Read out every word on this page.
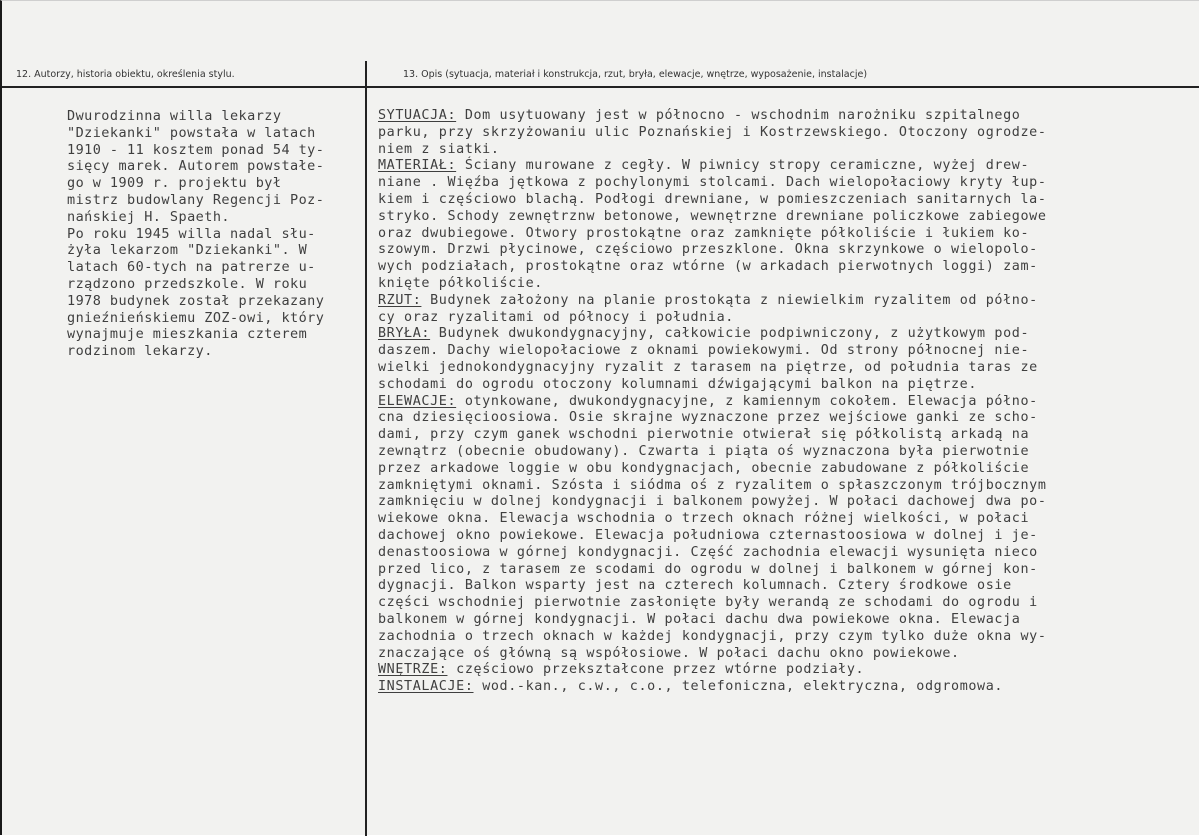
12. Autorzy, historia obiektu, określenia stylu.	13. Opis (sytuacja, materiał i konstrukcja, rzut, bryła, elewacje, wnętrze, wyposażenie, instalacje)
Dwurodzinna willa lekarzy
"Dziekanki" powstała w latach
1910 - 11 kosztem ponad 54 ty-
sięcy marek. Autorem powstałe-
go w 1909 r. projektu był
mistrz budowlany Regencji Poz-
nańskiej H. Spaeth.
Po roku 1945 willa nadal słu-
żyła lekarzom "Dziekanki". W
latach 60-tych na patrerze u-
rządzono przedszkole. W roku
1978 budynek został przekazany
gnieźnieńskiemu ZOZ-owi, który
wynajmuje mieszkania czterem
rodzinom lekarzy.
SYTUACJA: Dom usytuowany jest w północno - wschodnim narożniku szpitalnego
parku, przy skrzyżowaniu ulic Poznańskiej i Kostrzewskiego. Otoczony ogrodze-
niem z siatki.
MATERIAŁ: Ściany murowane z cegły. W piwnicy stropy ceramiczne, wyżej drew-
niane . Więźba jętkowa z pochylonymi stolcami. Dach wielopołaciowy kryty łup-
kiem i częściowo blachą. Podłogi drewniane, w pomieszczeniach sanitarnych la-
stryko. Schody zewnętrznw betonowe, wewnętrzne drewniane policzkowe zabiegowe
oraz dwubiegowe. Otwory prostokątne oraz zamknięte półkoliście i łukiem ko-
szowym. Drzwi płycinowe, częściowo przeszklone. Okna skrzynkowe o wielopolo-
wych podziałach, prostokątne oraz wtórne (w arkadach pierwotnych loggi) zam-
knięte półkoliście.
RZUT: Budynek założony na planie prostokąta z niewielkim ryzalitem od półno-
cy oraz ryzalitami od północy i południa.
BRYŁA: Budynek dwukondygnacyjny, całkowicie podpiwniczony, z użytkowym pod-
daszem. Dachy wielopołaciowe z oknami powiekowymi. Od strony północnej nie-
wielki jednokondygnacyjny ryzalit z tarasem na piętrze, od południa taras ze
schodami do ogrodu otoczony kolumnami dźwigającymi balkon na piętrze.
ELEWACJE: otynkowane, dwukondygnacyjne, z kamiennym cokołem. Elewacja półno-
cna dziesięcioosiowa. Osie skrajne wyznaczone przez wejściowe ganki ze scho-
dami, przy czym ganek wschodni pierwotnie otwierał się półkolistą arkadą na
zewnątrz (obecnie obudowany). Czwarta i piąta oś wyznaczona była pierwotnie
przez arkadowe loggie w obu kondygnacjach, obecnie zabudowane z półkoliście
zamkniętymi oknami. Szósta i siódma oś z ryzalitem o spłaszczonym trójbocznym
zamknięciu w dolnej kondygnacji i balkonem powyżej. W połaci dachowej dwa po-
wiekowe okna. Elewacja wschodnia o trzech oknach różnej wielkości, w połaci
dachowej okno powiekowe. Elewacja południowa czternastoosiowa w dolnej i je-
denastoosiowa w górnej kondygnacji. Część zachodnia elewacji wysunięta nieco
przed lico, z tarasem ze scodami do ogrodu w dolnej i balkonem w górnej kon-
dygnacji. Balkon wsparty jest na czterech kolumnach. Cztery środkowe osie
części wschodniej pierwotnie zasłonięte były werandą ze schodami do ogrodu i
balkonem w górnej kondygnacji. W połaci dachu dwa powiekowe okna. Elewacja
zachodnia o trzech oknach w każdej kondygnacji, przy czym tylko duże okna wy-
znaczające oś główną są współosiowe. W połaci dachu okno powiekowe.
WNĘTRZE: częściowo przekształcone przez wtórne podziały.
INSTALACJE: wod.-kan., c.w., c.o., telefoniczna, elektryczna, odgromowa.
